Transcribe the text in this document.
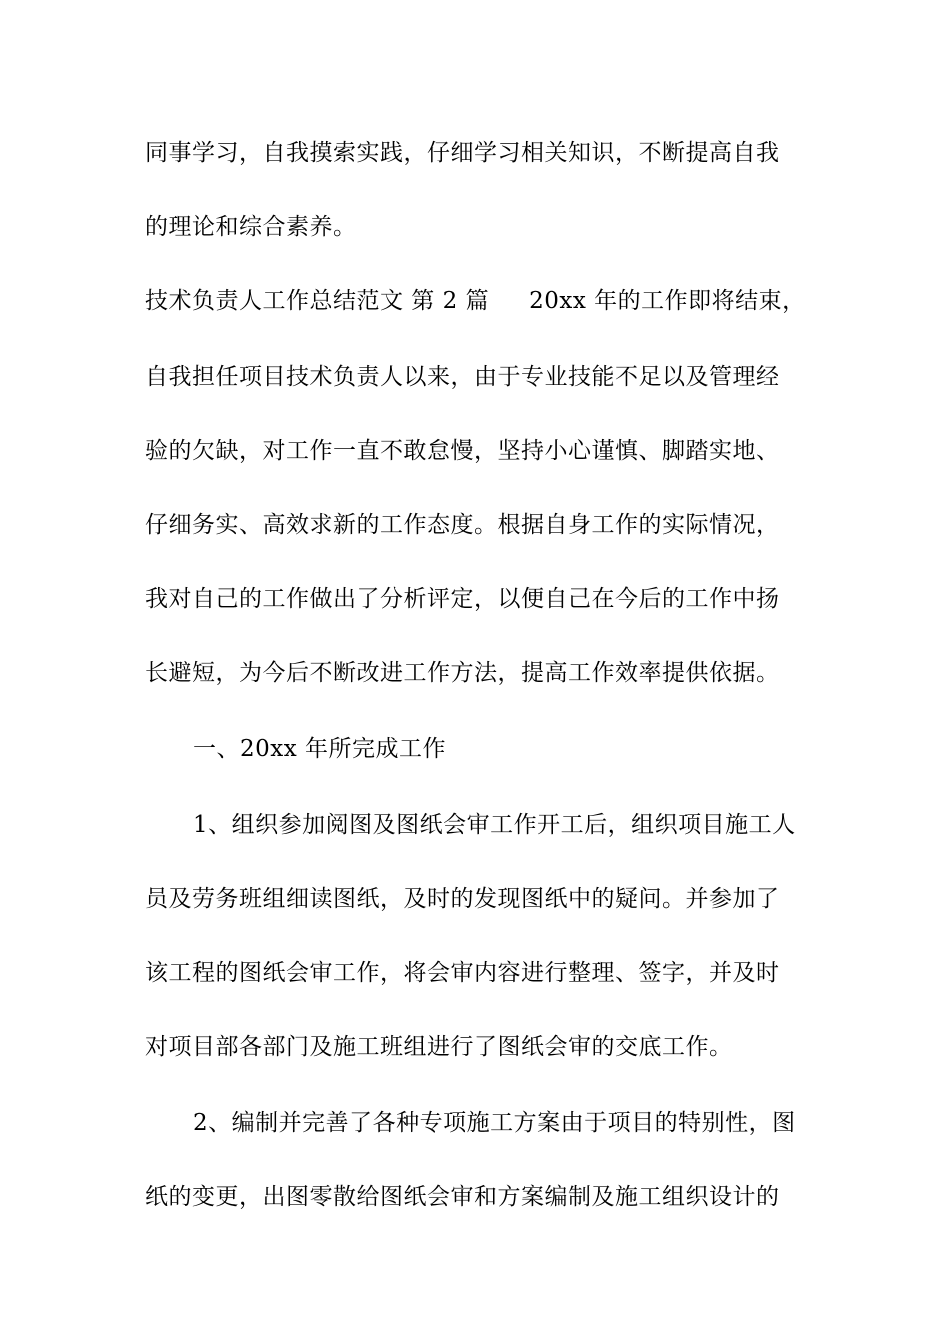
同事学习，自我摸索实践，仔细学习相关知识，不断提高自我
的理论和综合素养。
技术负责人工作总结范文 第 2 篇 20xx 年的工作即将结束，
自我担任项目技术负责人以来，由于专业技能不足以及管理经
验的欠缺，对工作一直不敢怠慢，坚持小心谨慎、脚踏实地、
仔细务实、高效求新的工作态度。根据自身工作的实际情况，
我对自己的工作做出了分析评定，以便自己在今后的工作中扬
长避短，为今后不断改进工作方法，提高工作效率提供依据。
一、20xx 年所完成工作
1、组织参加阅图及图纸会审工作开工后，组织项目施工人
员及劳务班组细读图纸，及时的发现图纸中的疑问。并参加了
该工程的图纸会审工作，将会审内容进行整理、签字，并及时
对项目部各部门及施工班组进行了图纸会审的交底工作。
2、编制并完善了各种专项施工方案由于项目的特别性，图
纸的变更，出图零散给图纸会审和方案编制及施工组织设计的
